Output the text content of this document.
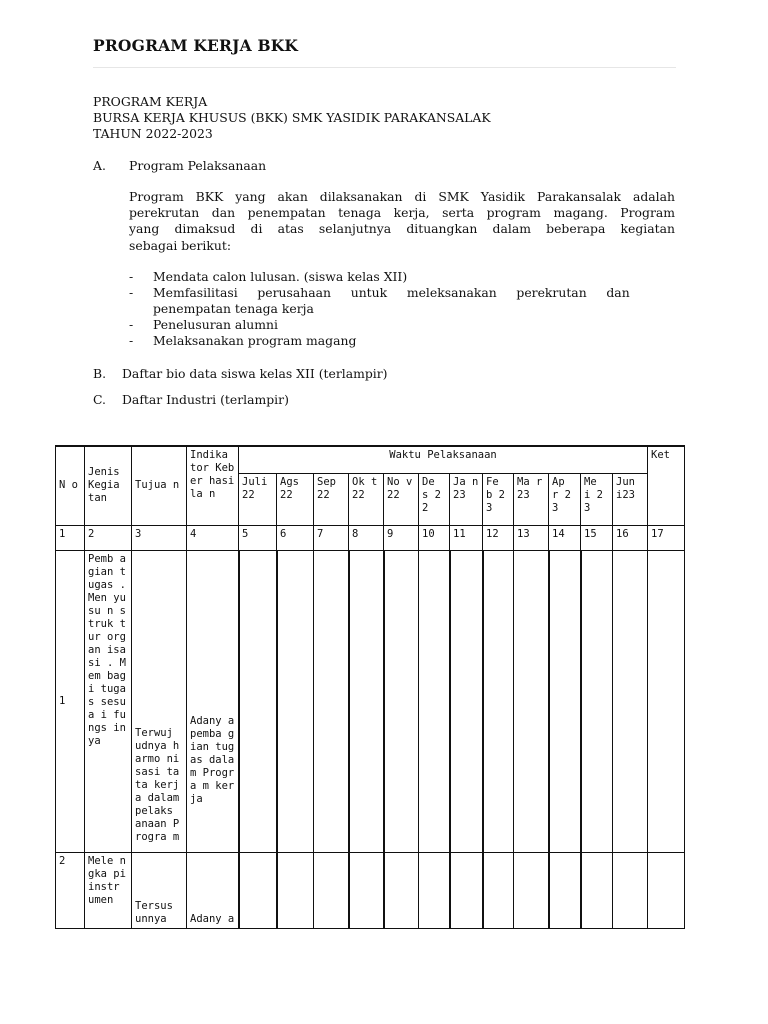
PROGRAM KERJA BKK
PROGRAM KERJA
BURSA KERJA KHUSUS (BKK) SMK YASIDIK PARAKANSALAK
TAHUN 2022-2023
A. Program Pelaksanaan
Program BKK yang akan dilaksanakan di SMK Yasidik Parakansalak adalah
perekrutan dan penempatan tenaga kerja, serta program magang. Program
yang dimaksud di atas selanjutnya dituangkan dalam beberapa kegiatan
sebagai berikut:
- Mendata calon lulusan. (siswa kelas XII)
- Memfasilitasi     perusahaan     untuk     meleksanakan     perekrutan     dan
penempatan tenaga kerja
- Penelusuran alumni
- Melaksanakan program magang
B. Daftar bio data siswa kelas XII (terlampir)
C. Daftar Industri (terlampir)
N o	Jenis Kegia tan	Tujua n	Indika tor Keber hasila n	Waktu Pelaksanaan												Ket
				Juli 22	Ags 22	Sep 22	Ok t 22	No v 22	De s 22	Ja n 23	Fe b 23	Ma r 23	Ap r 23	Me i 23	Jun i23	
1	2	3	4	5	6	7	8	9	10	11	12	13	14	15	16	17
1	Pemb agian tugas . Men yusu n struk tur organ isasi . Mem bagi tugas sesua i fungs inya	Terwuj udnya harmo nisasi tata kerja dalam pelaks anaan Progra m	Adany a pemba gian tugas dalam Progra m kerja													
2	Mele ngka pi instr umen	Tersus unnya	Adany a													
